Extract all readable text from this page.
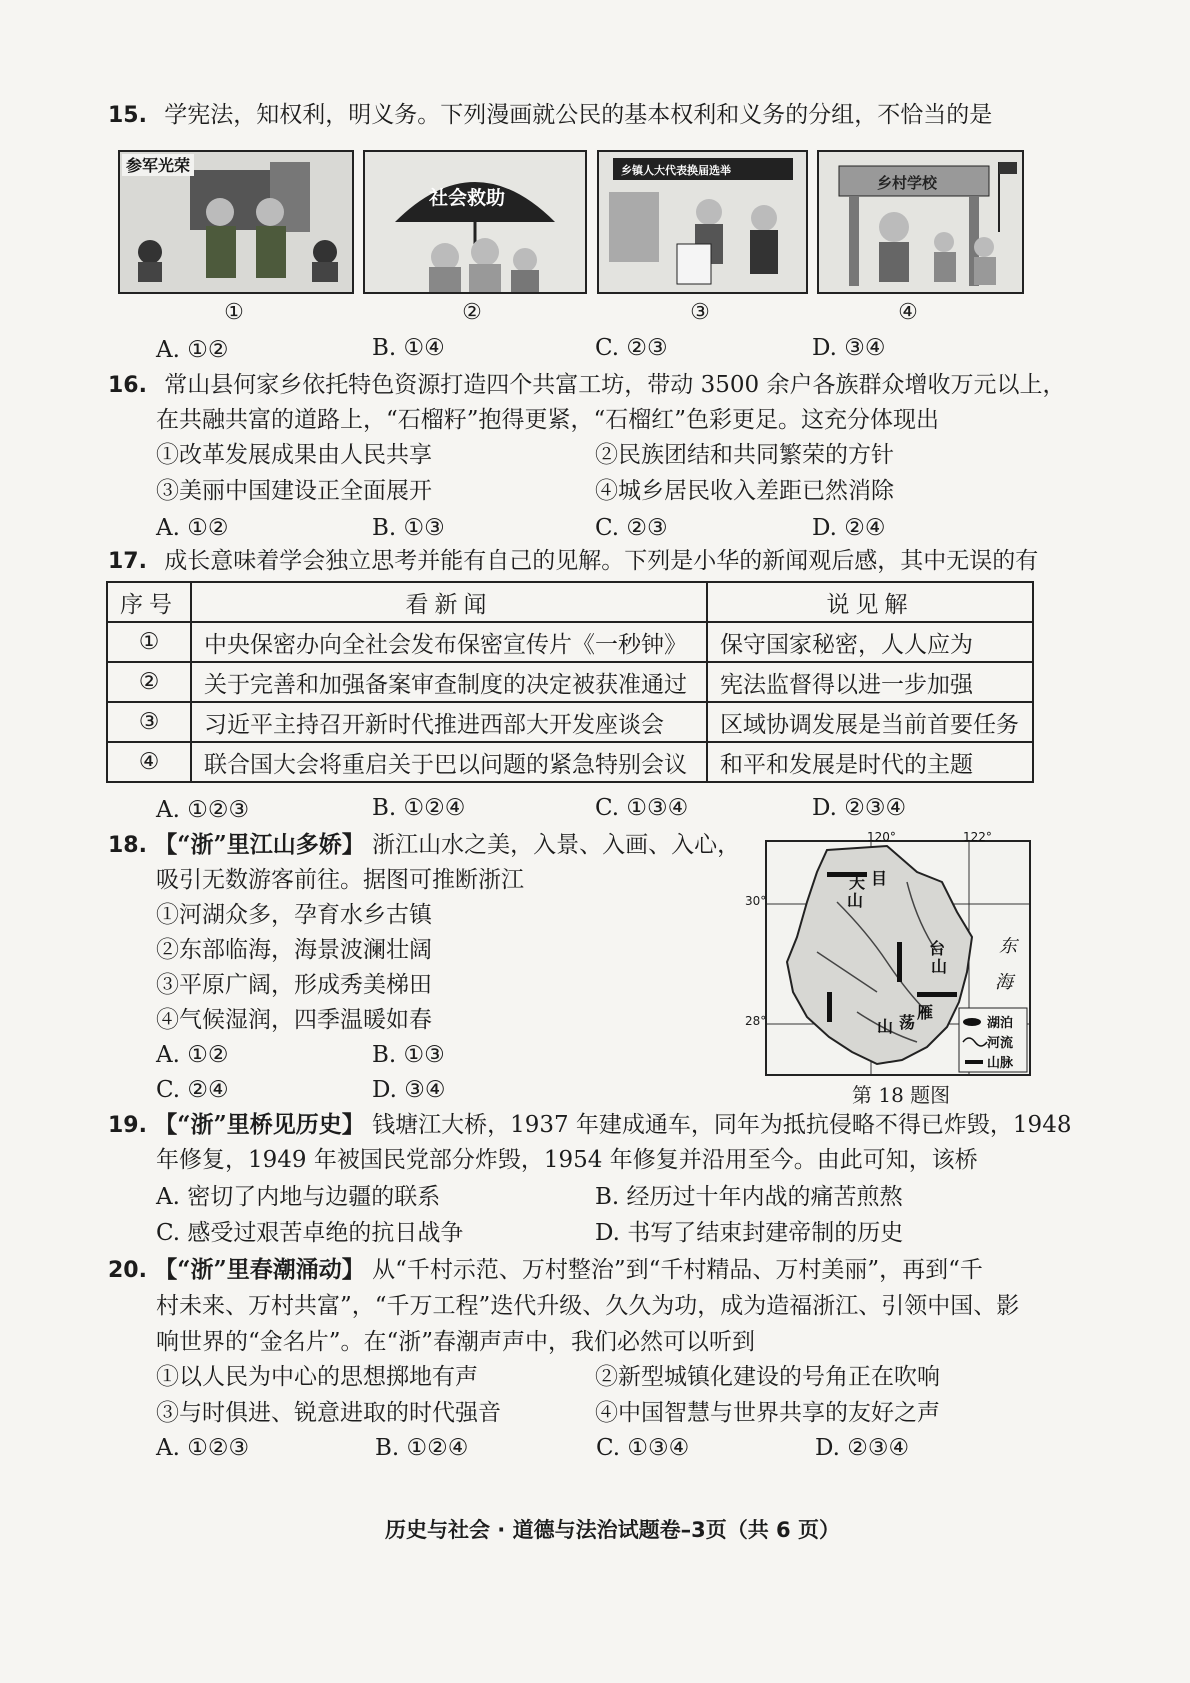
15. 学宪法，知权利，明义务。下列漫画就公民的基本权利和义务的分组，不恰当的是
参军光荣
社会救助
乡镇人大代表换届选举
乡村学校
①	②	③	④
A. ①②	B. ①④	C. ②③	D. ③④
16. 常山县何家乡依托特色资源打造四个共富工坊，带动 3500 余户各族群众增收万元以上，
在共融共富的道路上，“石榴籽”抱得更紧，“石榴红”色彩更足。这充分体现出
①改革发展成果由人民共享	②民族团结和共同繁荣的方针
③美丽中国建设正全面展开	④城乡居民收入差距已然消除
A. ①②	B. ①③	C. ②③	D. ②④
17. 成长意味着学会独立思考并能有自己的见解。下列是小华的新闻观后感，其中无误的有
序号	看新闻	说见解
①	中央保密办向全社会发布保密宣传片《一秒钟》	保守国家秘密，人人应为
②	关于完善和加强备案审查制度的决定被获准通过	宪法监督得以进一步加强
③	习近平主持召开新时代推进西部大开发座谈会	区域协调发展是当前首要任务
④	联合国大会将重启关于巴以问题的紧急特别会议	和平和发展是时代的主题
A. ①②③	B. ①②④	C. ①③④	D. ②③④
18. 【“浙”里江山多娇】 浙江山水之美，入景、入画、入心，
吸引无数游客前往。据图可推断浙江
①河湖众多，孕育水乡古镇
②东部临海，海景波澜壮阔
③平原广阔，形成秀美梯田
④气候湿润，四季温暖如春
A. ①②	B. ①③
C. ②④	D. ③④
120°	122°
天 目
山
台
山
雁
荡
山
东
海
湖泊
河流
山脉
30°
28°
第 18 题图
19. 【“浙”里桥见历史】 钱塘江大桥，1937 年建成通车，同年为抵抗侵略不得已炸毁，1948
年修复，1949 年被国民党部分炸毁，1954 年修复并沿用至今。由此可知，该桥
A. 密切了内地与边疆的联系	B. 经历过十年内战的痛苦煎熬
C. 感受过艰苦卓绝的抗日战争	D. 书写了结束封建帝制的历史
20. 【“浙”里春潮涌动】 从“千村示范、万村整治”到“千村精品、万村美丽”，再到“千
村未来、万村共富”，“千万工程”迭代升级、久久为功，成为造福浙江、引领中国、影
响世界的“金名片”。在“浙”春潮声声中，我们必然可以听到
①以人民为中心的思想掷地有声	②新型城镇化建设的号角正在吹响
③与时俱进、锐意进取的时代强音	④中国智慧与世界共享的友好之声
A. ①②③	B. ①②④	C. ①③④	D. ②③④
历史与社会 · 道德与法治试题卷–3页（共 6 页）
